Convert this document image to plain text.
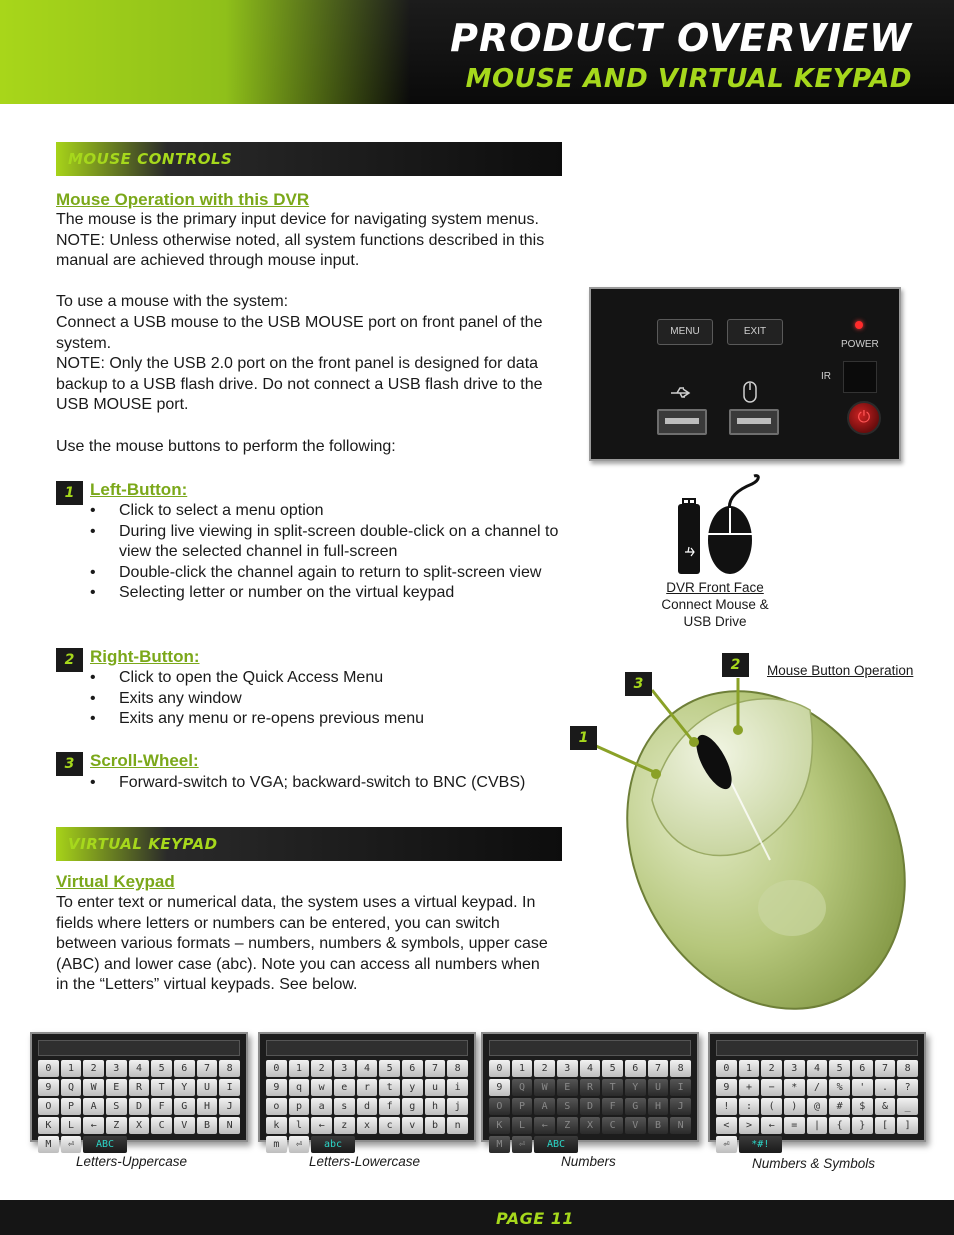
PRODUCT OVERVIEW
MOUSE AND VIRTUAL KEYPAD
MOUSE CONTROLS
Mouse Operation with this DVR

The mouse is the primary input device for navigating system menus.

NOTE: Unless otherwise noted, all system functions described in this manual are achieved through mouse input.

To use a mouse with the system:

Connect a USB mouse to the USB MOUSE port on front panel of the system.

NOTE: Only the USB 2.0 port on the front panel is designed for data backup to a USB flash drive. Do not connect a USB flash drive to the USB MOUSE port.

Use the mouse buttons to perform the following:

1 Left-Button:
• Click to select a menu option
• During live viewing in split-screen double-click on a channel to view the selected channel in full-screen
• Double-click the channel again to return to split-screen view
• Selecting letter or number on the virtual keypad
2 Right-Button:
• Click to open the Quick Access Menu
• Exits any window
• Exits any menu or re-opens previous menu
3 Scroll-Wheel:
• Forward-switch to VGA; backward-switch to BNC (CVBS)
MENU	EXIT
POWER
IR
⏻
DVR Front Face
Connect Mouse &
USB Drive
Mouse Button Operation
2
3
1
VIRTUAL KEYPAD
Virtual Keypad
To enter text or numerical data, the system uses a virtual keypad. In fields where letters or numbers can be entered, you can switch between various formats – numbers, numbers & symbols, upper case (ABC) and lower case (abc). Note you can access all numbers when in the “Letters” virtual keypads. See below.
0	1	2	3	4	5	6	7	8
9	Q	W	E	R	T	Y	U	I
O	P	A	S	D	F	G	H	J
K	L	←	Z	X	C	V	B	N
M	⏎	ABC
0	1	2	3	4	5	6	7	8
9	q	w	e	r	t	y	u	i
o	p	a	s	d	f	g	h	j
k	l	←	z	x	c	v	b	n
m	⏎	abc
0	1	2	3	4	5	6	7	8
9	Q	W	E	R	T	Y	U	I
O	P	A	S	D	F	G	H	J
K	L	←	Z	X	C	V	B	N
M	⏎	ABC
0	1	2	3	4	5	6	7	8
9	+	−	*	/	%	'	.	?
!	:	(	)	@	#	$	&	_
<	>	←	=	|	{	}	[	]
⏎	*#!
Letters-Uppercase	Letters-Lowercase	Numbers	Numbers & Symbols
PAGE 11
